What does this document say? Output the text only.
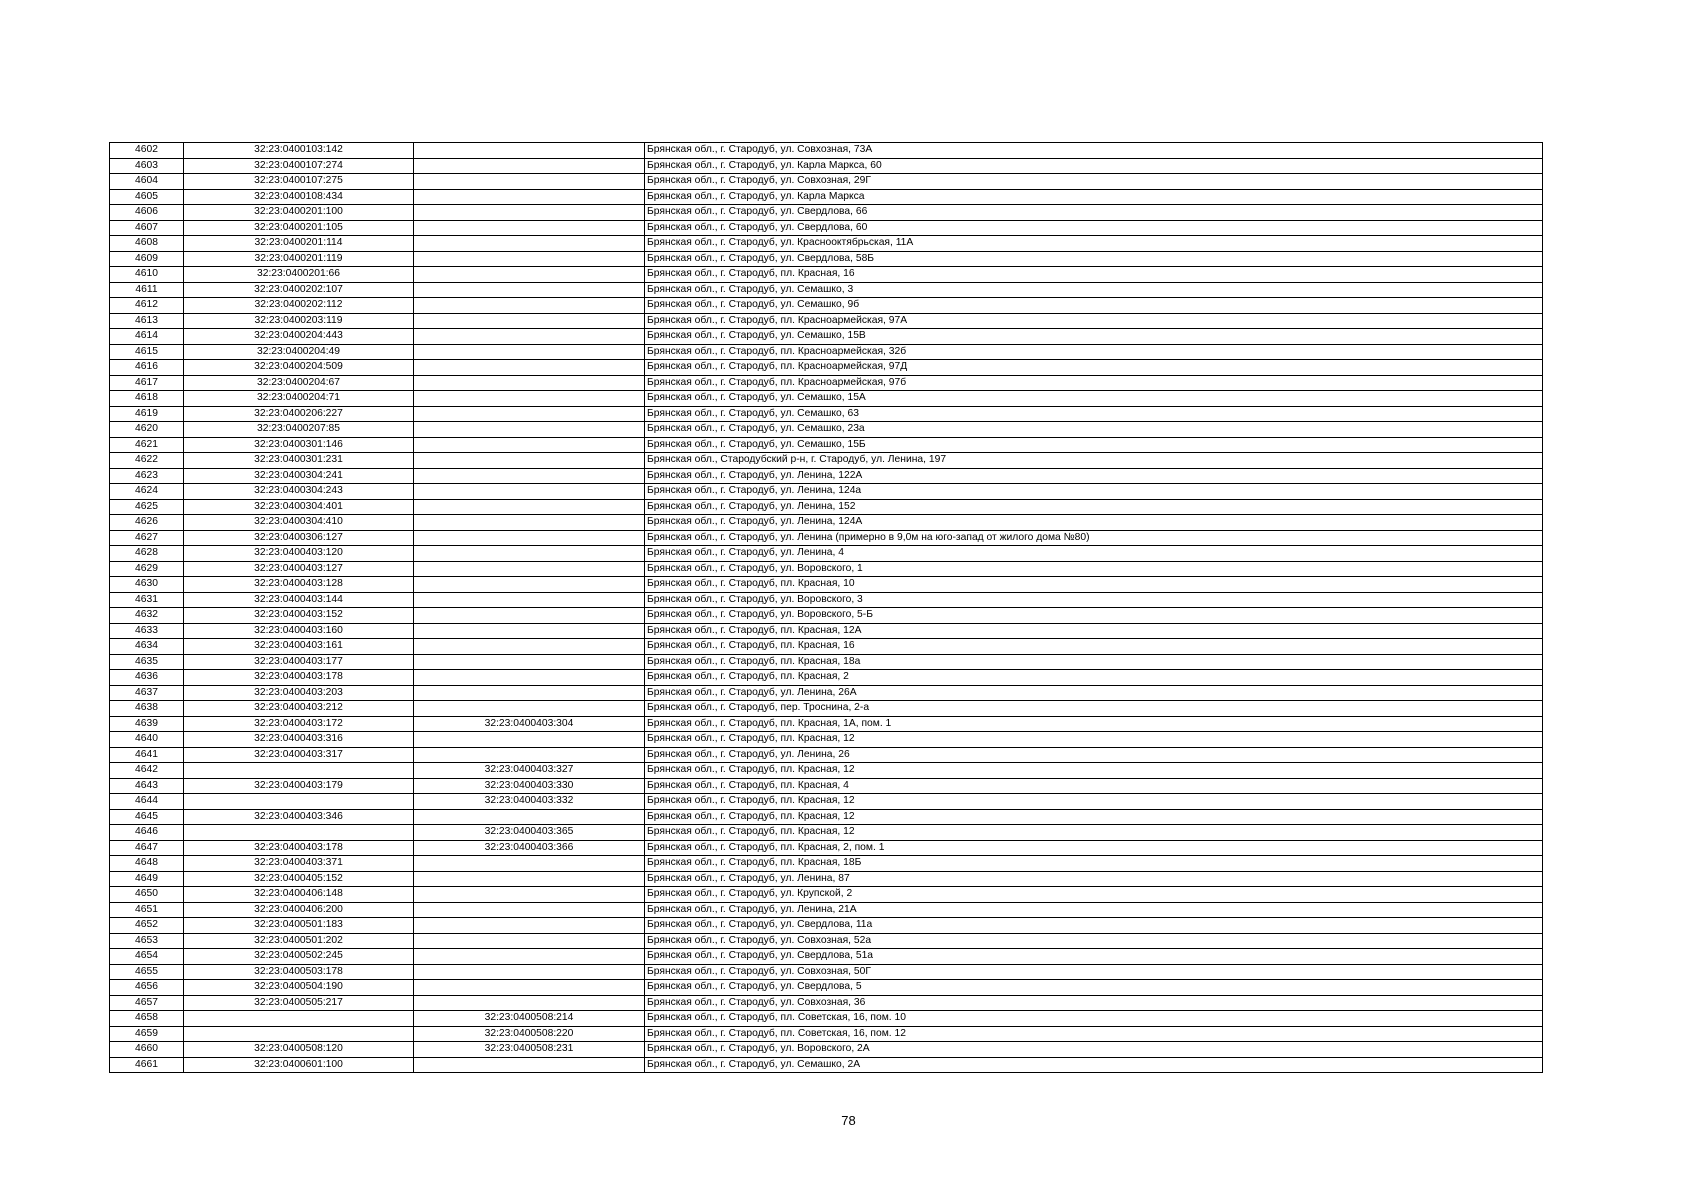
4602	32:23:0400103:142		Брянская обл., г. Стародуб, ул. Совхозная, 73А
4603	32:23:0400107:274		Брянская обл., г. Стародуб, ул. Карла Маркса, 60
4604	32:23:0400107:275		Брянская обл., г. Стародуб, ул. Совхозная, 29Г
4605	32:23:0400108:434		Брянская обл., г. Стародуб, ул. Карла Маркса
4606	32:23:0400201:100		Брянская обл., г. Стародуб, ул. Свердлова, 66
4607	32:23:0400201:105		Брянская обл., г. Стародуб, ул. Свердлова, 60
4608	32:23:0400201:114		Брянская обл., г. Стародуб, ул. Краснооктябрьская, 11А
4609	32:23:0400201:119		Брянская обл., г. Стародуб, ул. Свердлова, 58Б
4610	32:23:0400201:66		Брянская обл., г. Стародуб, пл. Красная, 16
4611	32:23:0400202:107		Брянская обл., г. Стародуб, ул. Семашко, 3
4612	32:23:0400202:112		Брянская обл., г. Стародуб, ул. Семашко, 9б
4613	32:23:0400203:119		Брянская обл., г. Стародуб, пл. Красноармейская, 97А
4614	32:23:0400204:443		Брянская обл., г. Стародуб, ул. Семашко, 15В
4615	32:23:0400204:49		Брянская обл., г. Стародуб, пл. Красноармейская, 32б
4616	32:23:0400204:509		Брянская обл., г. Стародуб, пл. Красноармейская, 97Д
4617	32:23:0400204:67		Брянская обл., г. Стародуб, пл. Красноармейская, 97б
4618	32:23:0400204:71		Брянская обл., г. Стародуб, ул. Семашко, 15А
4619	32:23:0400206:227		Брянская обл., г. Стародуб, ул. Семашко, 63
4620	32:23:0400207:85		Брянская обл., г. Стародуб, ул. Семашко, 23а
4621	32:23:0400301:146		Брянская обл., г. Стародуб, ул. Семашко, 15Б
4622	32:23:0400301:231		Брянская обл., Стародубский р-н, г. Стародуб, ул. Ленина, 197
4623	32:23:0400304:241		Брянская обл., г. Стародуб, ул. Ленина, 122А
4624	32:23:0400304:243		Брянская обл., г. Стародуб, ул. Ленина, 124а
4625	32:23:0400304:401		Брянская обл., г. Стародуб, ул. Ленина, 152
4626	32:23:0400304:410		Брянская обл., г. Стародуб, ул. Ленина, 124А
4627	32:23:0400306:127		Брянская обл., г. Стародуб, ул. Ленина (примерно в 9,0м на юго-запад от жилого дома №80)
4628	32:23:0400403:120		Брянская обл., г. Стародуб, ул. Ленина, 4
4629	32:23:0400403:127		Брянская обл., г. Стародуб, ул. Воровского, 1
4630	32:23:0400403:128		Брянская обл., г. Стародуб, пл. Красная, 10
4631	32:23:0400403:144		Брянская обл., г. Стародуб, ул. Воровского, 3
4632	32:23:0400403:152		Брянская обл., г. Стародуб, ул. Воровского, 5-Б
4633	32:23:0400403:160		Брянская обл., г. Стародуб, пл. Красная, 12А
4634	32:23:0400403:161		Брянская обл., г. Стародуб, пл. Красная, 16
4635	32:23:0400403:177		Брянская обл., г. Стародуб, пл. Красная, 18а
4636	32:23:0400403:178		Брянская обл., г. Стародуб, пл. Красная, 2
4637	32:23:0400403:203		Брянская обл., г. Стародуб, ул. Ленина, 26А
4638	32:23:0400403:212		Брянская обл., г. Стародуб, пер. Троснина, 2-а
4639	32:23:0400403:172	32:23:0400403:304	Брянская обл., г. Стародуб, пл. Красная, 1А, пом. 1
4640	32:23:0400403:316		Брянская обл., г. Стародуб, пл. Красная, 12
4641	32:23:0400403:317		Брянская обл., г. Стародуб, ул. Ленина, 26
4642		32:23:0400403:327	Брянская обл., г. Стародуб, пл. Красная, 12
4643	32:23:0400403:179	32:23:0400403:330	Брянская обл., г. Стародуб, пл. Красная, 4
4644		32:23:0400403:332	Брянская обл., г. Стародуб, пл. Красная, 12
4645	32:23:0400403:346		Брянская обл., г. Стародуб, пл. Красная, 12
4646		32:23:0400403:365	Брянская обл., г. Стародуб, пл. Красная, 12
4647	32:23:0400403:178	32:23:0400403:366	Брянская обл., г. Стародуб, пл. Красная, 2, пом. 1
4648	32:23:0400403:371		Брянская обл., г. Стародуб, пл. Красная, 18Б
4649	32:23:0400405:152		Брянская обл., г. Стародуб, ул. Ленина, 87
4650	32:23:0400406:148		Брянская обл., г. Стародуб, ул. Крупской, 2
4651	32:23:0400406:200		Брянская обл., г. Стародуб, ул. Ленина, 21А
4652	32:23:0400501:183		Брянская обл., г. Стародуб, ул. Свердлова, 11а
4653	32:23:0400501:202		Брянская обл., г. Стародуб, ул. Совхозная, 52а
4654	32:23:0400502:245		Брянская обл., г. Стародуб, ул. Свердлова, 51а
4655	32:23:0400503:178		Брянская обл., г. Стародуб, ул. Совхозная, 50Г
4656	32:23:0400504:190		Брянская обл., г. Стародуб, ул. Свердлова, 5
4657	32:23:0400505:217		Брянская обл., г. Стародуб, ул. Совхозная, 36
4658		32:23:0400508:214	Брянская обл., г. Стародуб, пл. Советская, 16, пом. 10
4659		32:23:0400508:220	Брянская обл., г. Стародуб, пл. Советская, 16, пом. 12
4660	32:23:0400508:120	32:23:0400508:231	Брянская обл., г. Стародуб, ул. Воровского, 2А
4661	32:23:0400601:100		Брянская обл., г. Стародуб, ул. Семашко, 2А
78
